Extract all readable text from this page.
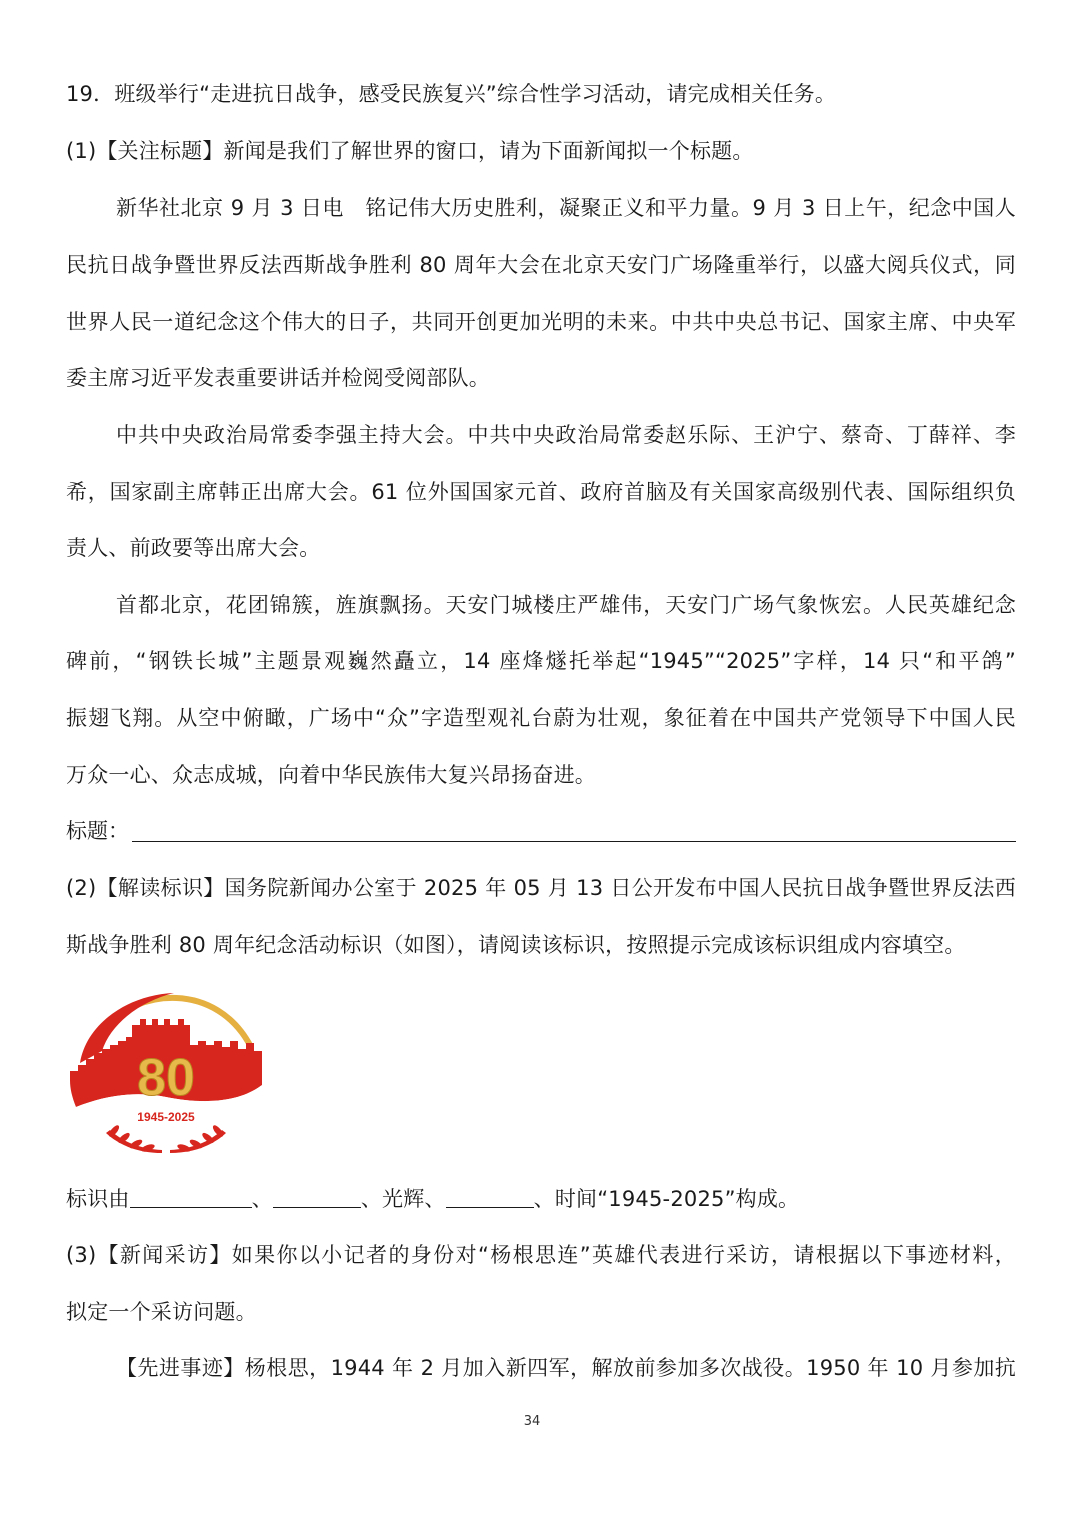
19．班级举行“走进抗日战争，感受民族复兴”综合性学习活动，请完成相关任务。
(1)【关注标题】新闻是我们了解世界的窗口，请为下面新闻拟一个标题。
新华社北京 9 月 3 日电　铭记伟大历史胜利，凝聚正义和平力量。9 月 3 日上午，纪念中国人
民抗日战争暨世界反法西斯战争胜利 80 周年大会在北京天安门广场隆重举行，以盛大阅兵仪式，同
世界人民一道纪念这个伟大的日子，共同开创更加光明的未来。中共中央总书记、国家主席、中央军
委主席习近平发表重要讲话并检阅受阅部队。
中共中央政治局常委李强主持大会。中共中央政治局常委赵乐际、王沪宁、蔡奇、丁薛祥、李
希，国家副主席韩正出席大会。61 位外国国家元首、政府首脑及有关国家高级别代表、国际组织负
责人、前政要等出席大会。
首都北京，花团锦簇，旌旗飘扬。天安门城楼庄严雄伟，天安门广场气象恢宏。人民英雄纪念
碑前，“钢铁长城”主题景观巍然矗立，14 座烽燧托举起“1945”“2025”字样，14 只“和平鸽”
振翅飞翔。从空中俯瞰，广场中“众”字造型观礼台蔚为壮观，象征着在中国共产党领导下中国人民
万众一心、众志成城，向着中华民族伟大复兴昂扬奋进。
标题：
(2)【解读标识】国务院新闻办公室于 2025 年 05 月 13 日公开发布中国人民抗日战争暨世界反法西
斯战争胜利 80 周年纪念活动标识（如图），请阅读该标识，按照提示完成该标识组成内容填空。
80
1945-2025
标识由	、	、光辉、	、时间“1945-2025”构成。
(3)【新闻采访】如果你以小记者的身份对“杨根思连”英雄代表进行采访，请根据以下事迹材料，
拟定一个采访问题。
【先进事迹】杨根思，1944 年 2 月加入新四军，解放前参加多次战役。1950 年 10 月参加抗
34
